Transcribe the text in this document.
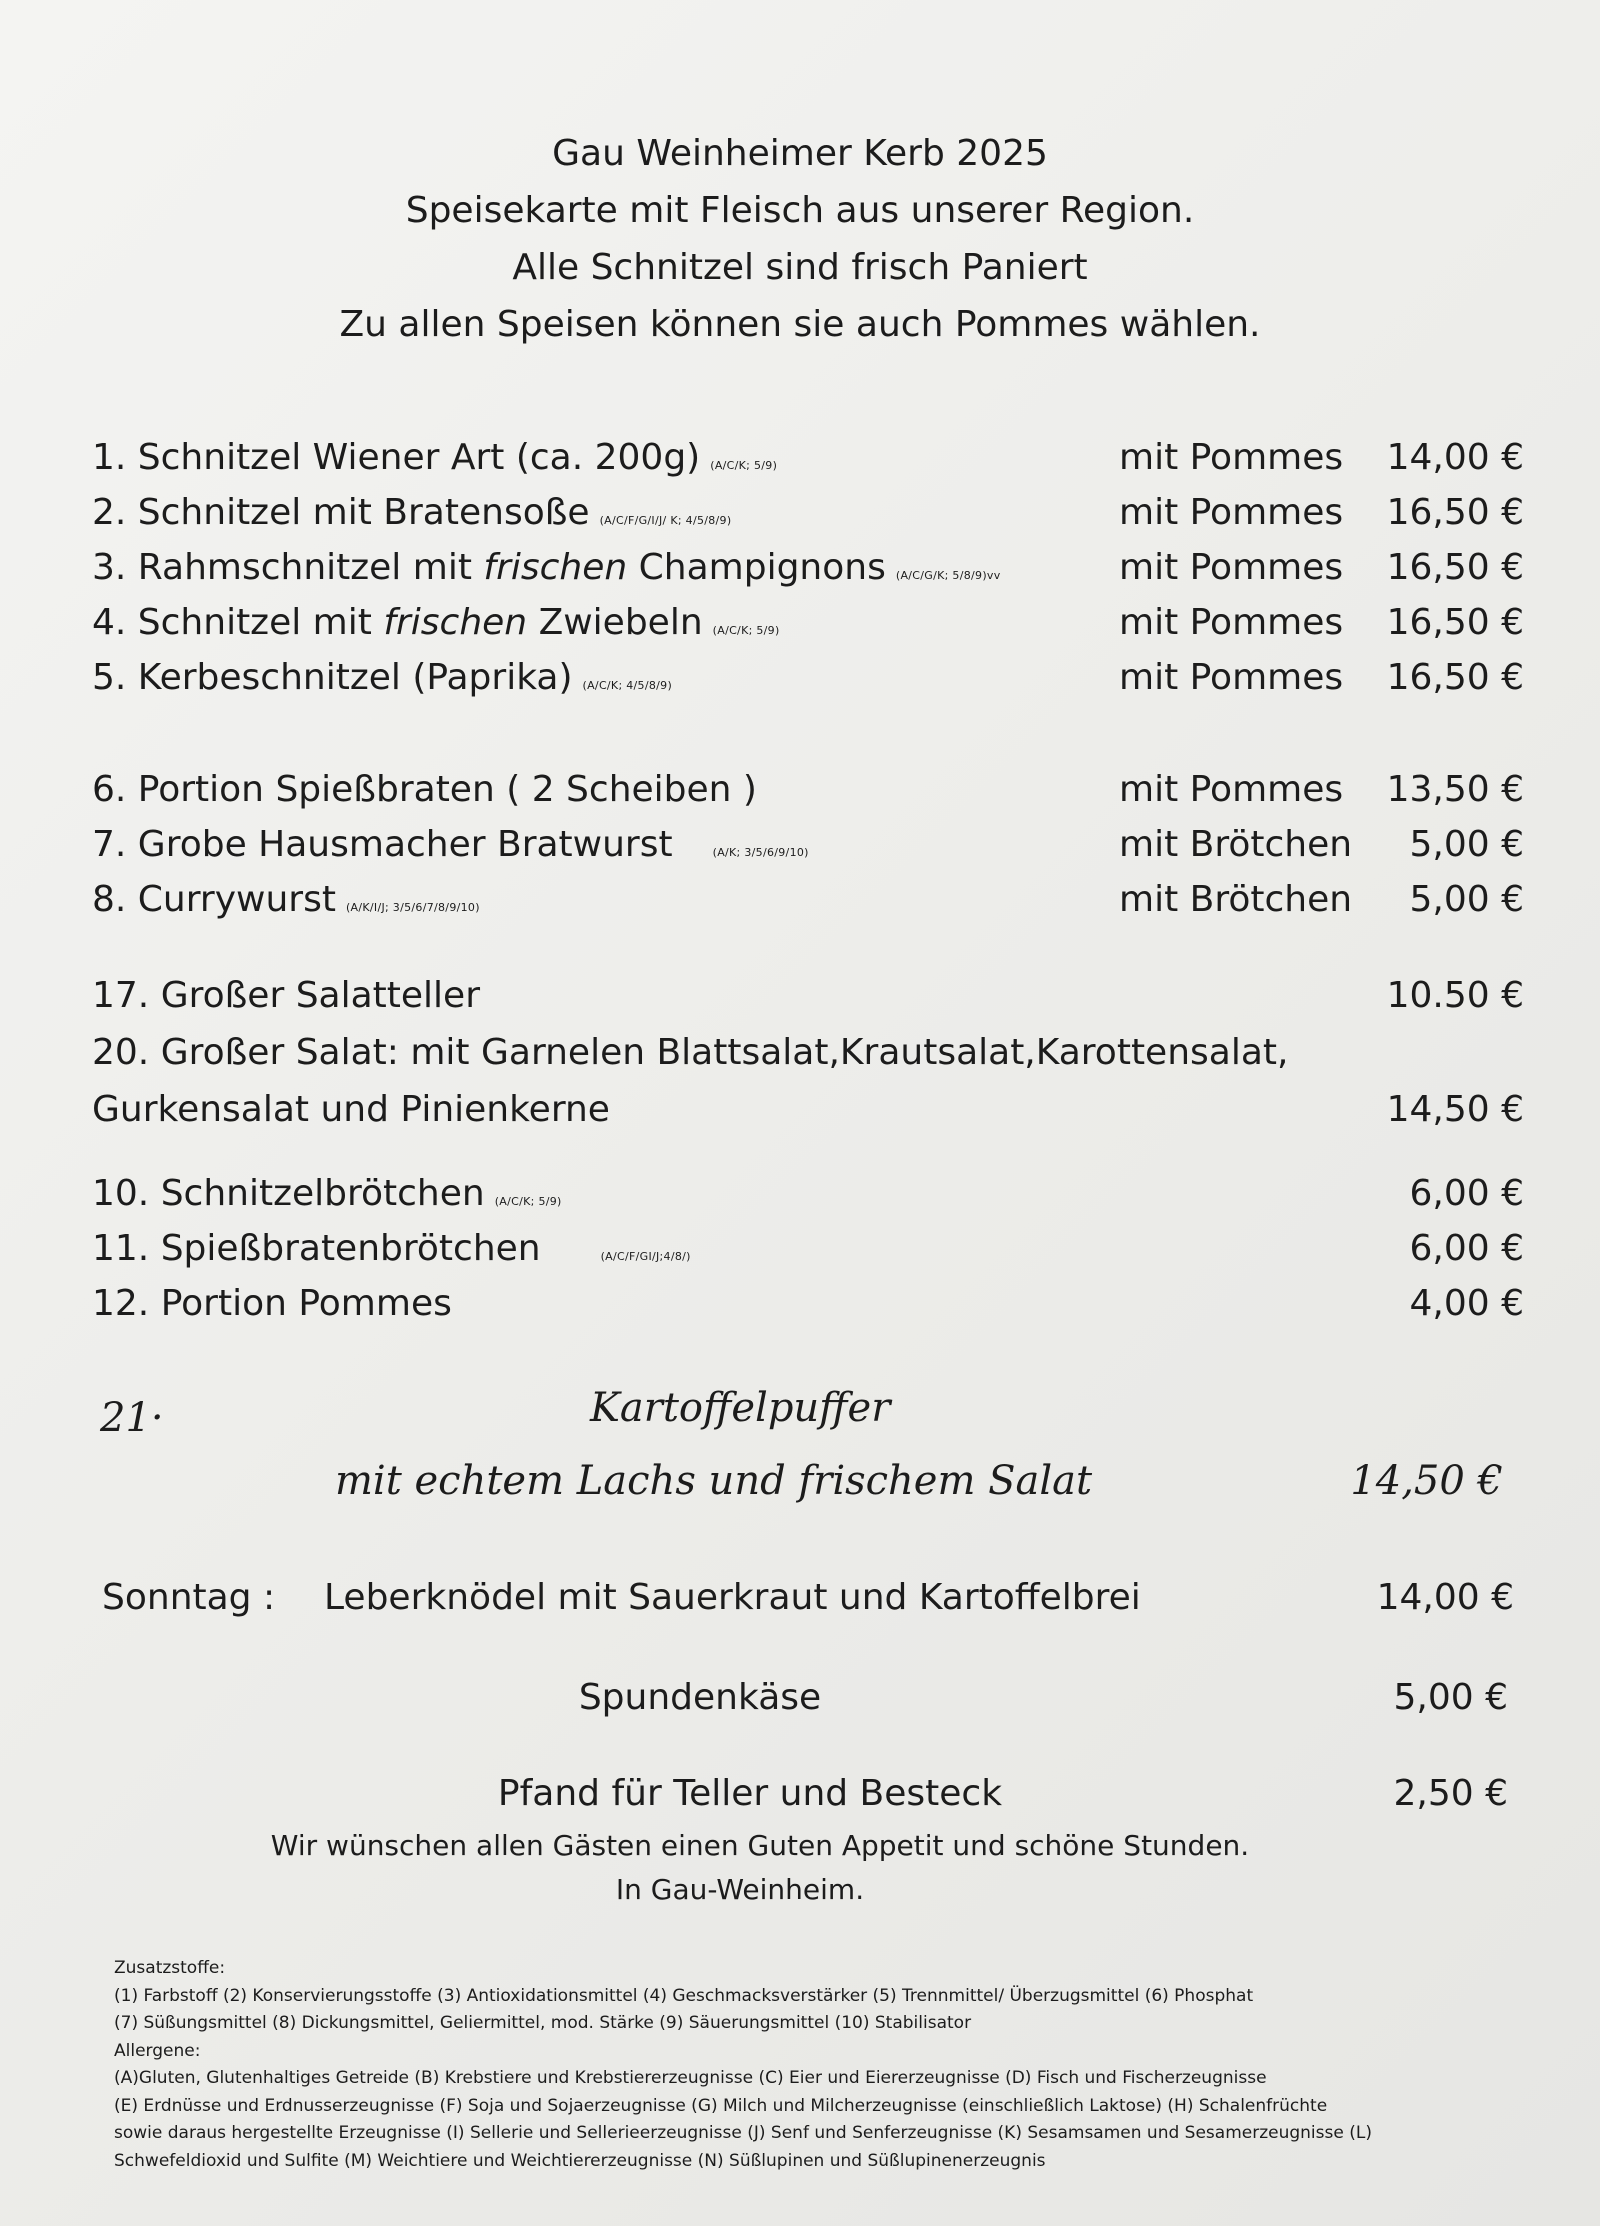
Gau Weinheimer Kerb 2025
Speisekarte mit Fleisch aus unserer Region.
Alle Schnitzel sind frisch Paniert
Zu allen Speisen können sie auch Pommes wählen.
1. Schnitzel Wiener Art (ca. 200g) (A/C/K; 5/9)	mit Pommes 14,00 €
2. Schnitzel mit Bratensoße (A/C/F/G/I/J/ K; 4/5/8/9)	mit Pommes 16,50 €
3. Rahmschnitzel mit frischen Champignons (A/C/G/K; 5/8/9)vv	mit Pommes 16,50 €
4. Schnitzel mit frischen Zwiebeln (A/C/K; 5/9)	mit Pommes 16,50 €
5. Kerbeschnitzel (Paprika) (A/C/K; 4/5/8/9)	mit Pommes 16,50 €
6. Portion Spießbraten ( 2 Scheiben )	mit Pommes 13,50 €
7. Grobe Hausmacher Bratwurst	(A/K; 3/5/6/9/10)	mit Brötchen 5,00 €
8. Currywurst (A/K/I/J; 3/5/6/7/8/9/10)	mit Brötchen 5,00 €
17. Großer Salatteller	10.50 €
20. Großer Salat: mit Garnelen Blattsalat,Krautsalat,Karottensalat,
Gurkensalat und Pinienkerne	14,50 €
10. Schnitzelbrötchen (A/C/K; 5/9)	6,00 €
11. Spießbratenbrötchen	(A/C/F/GI/J;4/8/)	6,00 €
12. Portion Pommes	4,00 €
21·	Kartoffelpuffer
mit echtem Lachs und frischem Salat	14,50 €
Sonntag : Leberknödel mit Sauerkraut und Kartoffelbrei	14,00 €
Spundenkäse	5,00 €
Pfand für Teller und Besteck	2,50 €
Wir wünschen allen Gästen einen Guten Appetit und schöne Stunden.
In Gau-Weinheim.
Zusatzstoffe:
(1) Farbstoff (2) Konservierungsstoffe (3) Antioxidationsmittel (4) Geschmacksverstärker (5) Trennmittel/ Überzugsmittel (6) Phosphat
(7) Süßungsmittel (8) Dickungsmittel, Geliermittel, mod. Stärke (9) Säuerungsmittel (10) Stabilisator
Allergene:
(A)Gluten, Glutenhaltiges Getreide (B) Krebstiere und Krebstiererzeugnisse (C) Eier und Eiererzeugnisse (D) Fisch und Fischerzeugnisse
(E) Erdnüsse und Erdnusserzeugnisse (F) Soja und Sojaerzeugnisse (G) Milch und Milcherzeugnisse (einschließlich Laktose) (H) Schalenfrüchte
sowie daraus hergestellte Erzeugnisse (I) Sellerie und Sellerieerzeugnisse (J) Senf und Senferzeugnisse (K) Sesamsamen und Sesamerzeugnisse (L)
Schwefeldioxid und Sulfite (M) Weichtiere und Weichtiererzeugnisse (N) Süßlupinen und Süßlupinenerzeugnis
